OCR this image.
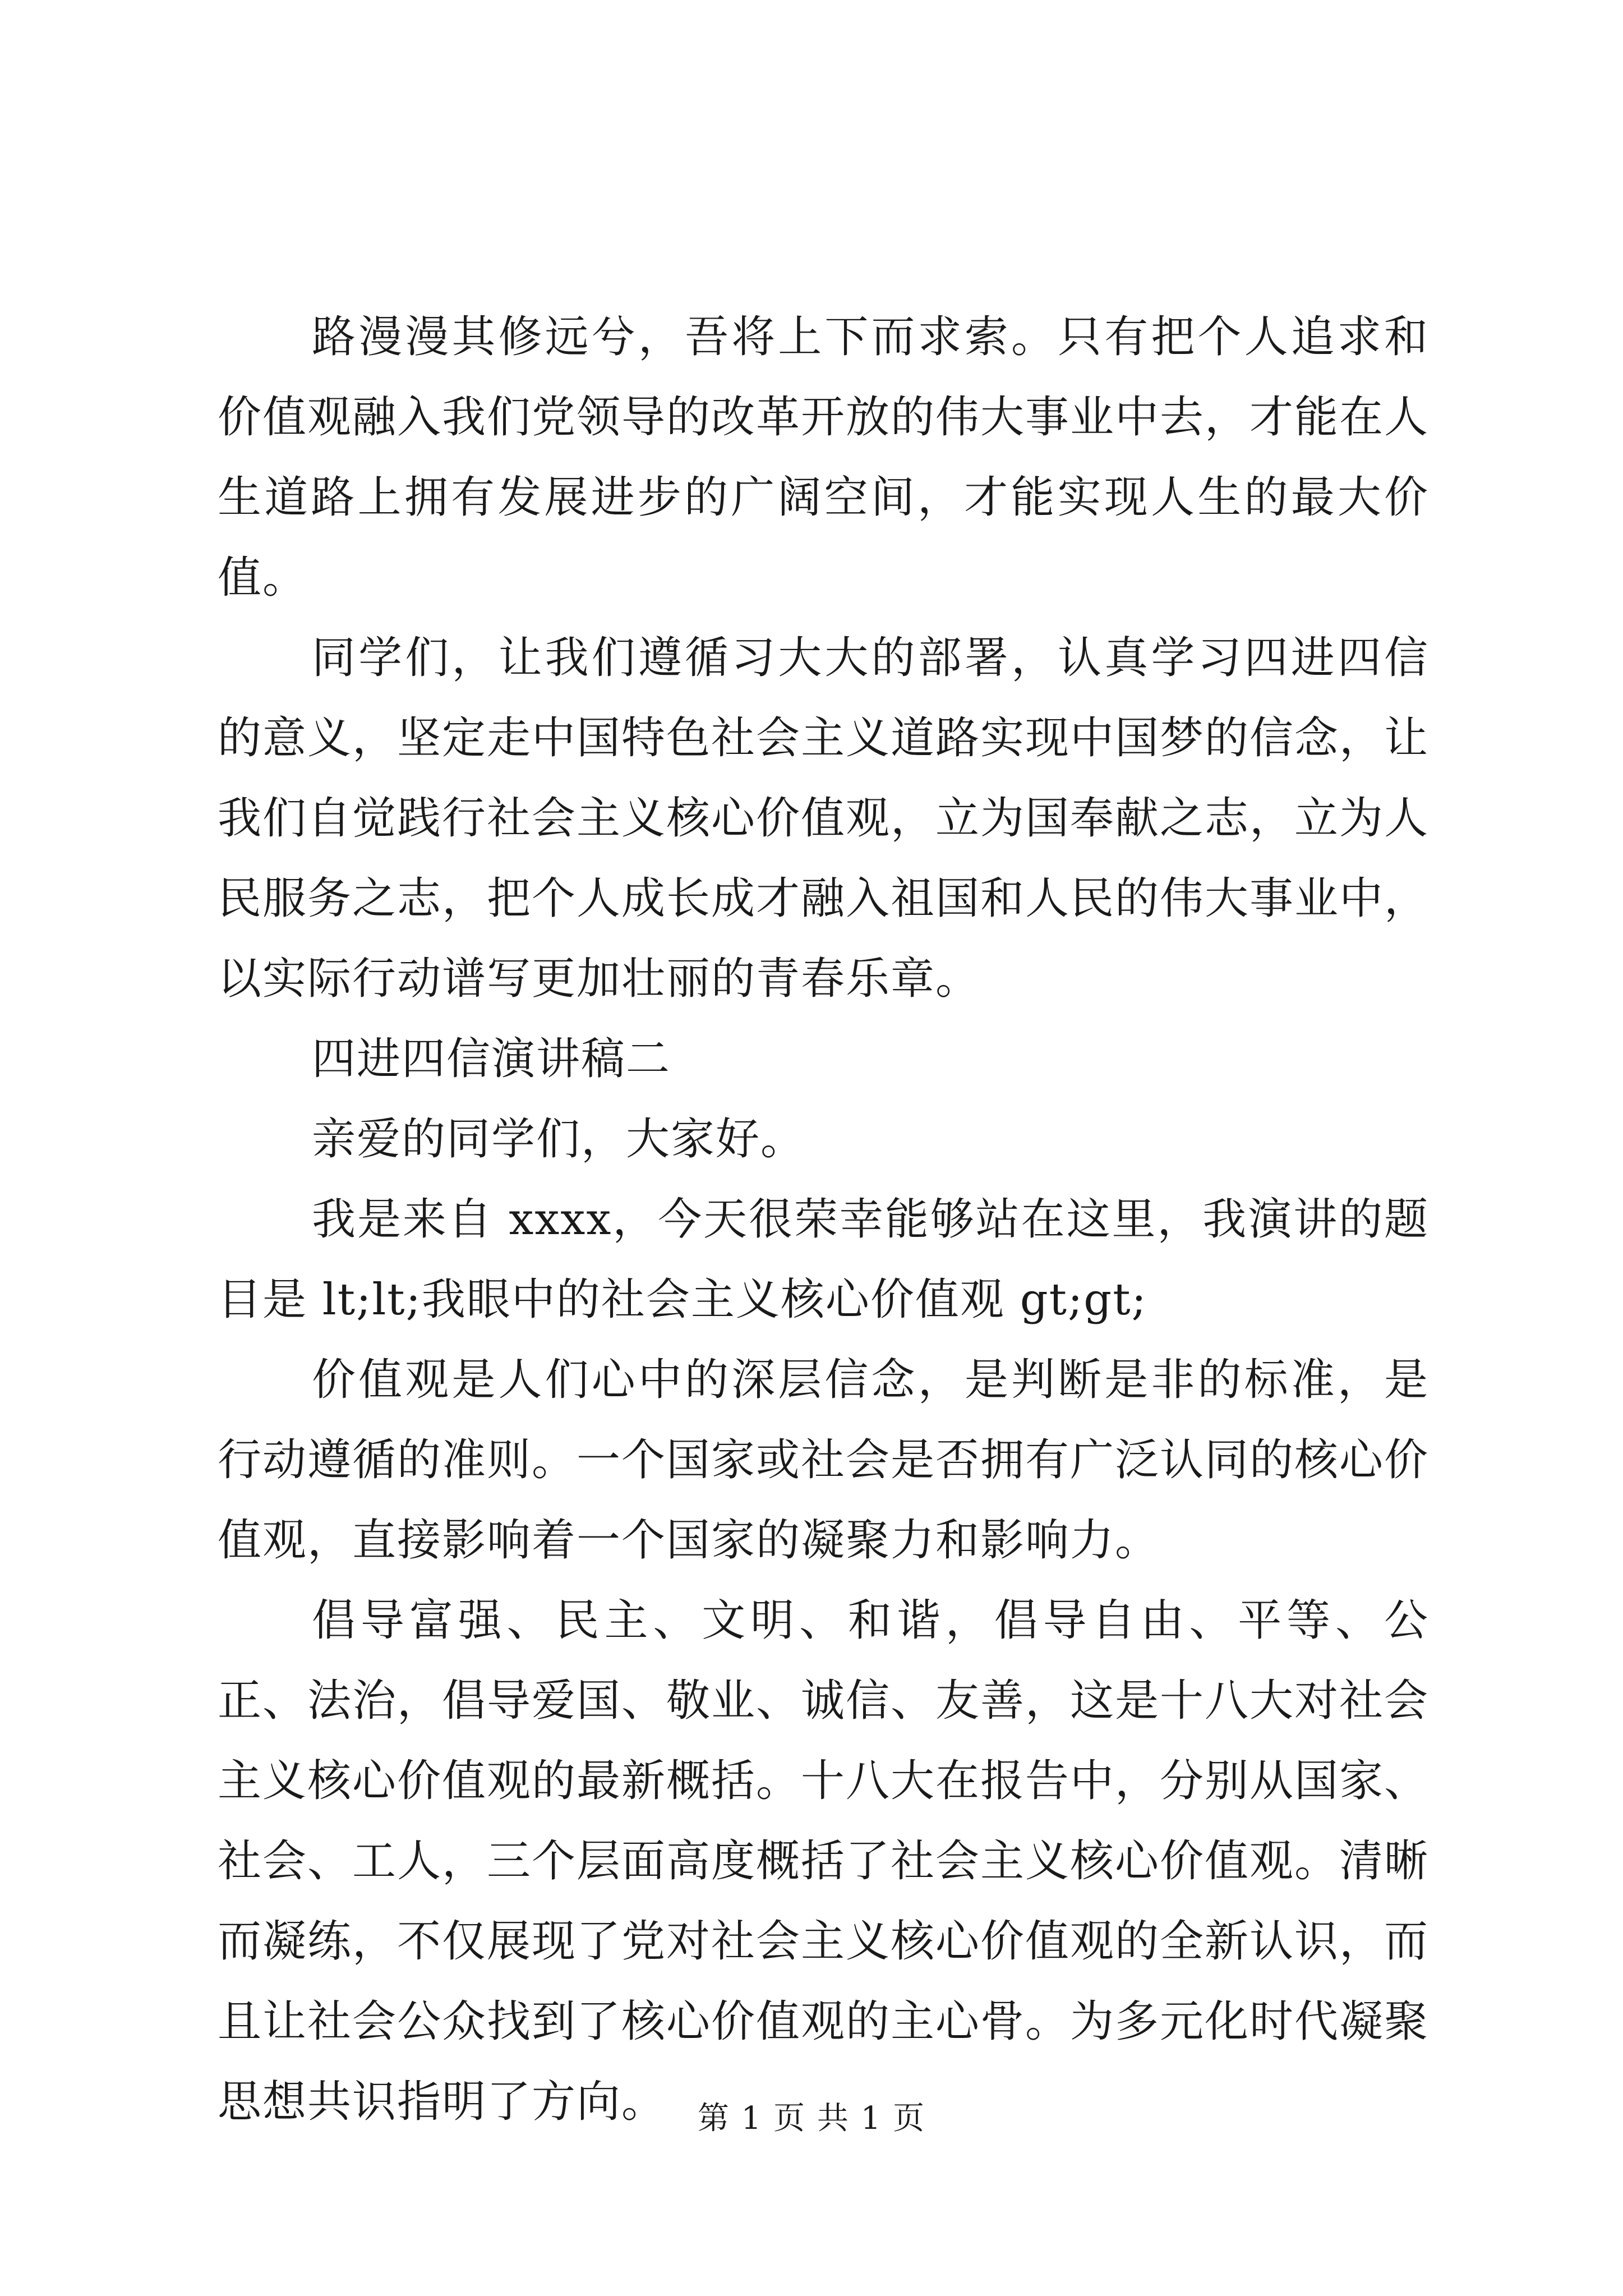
路漫漫其修远兮，吾将上下而求索。只有把个人追求和价值观融入我们党领导的改革开放的伟大事业中去，才能在人生道路上拥有发展进步的广阔空间，才能实现人生的最大价值。

同学们，让我们遵循习大大的部署，认真学习四进四信的意义，坚定走中国特色社会主义道路实现中国梦的信念，让我们自觉践行社会主义核心价值观，立为国奉献之志，立为人民服务之志，把个人成长成才融入祖国和人民的伟大事业中，以实际行动谱写更加壮丽的青春乐章。

四进四信演讲稿二

亲爱的同学们，大家好。

我是来自 xxxx，今天很荣幸能够站在这里，我演讲的题目是 lt;lt;我眼中的社会主义核心价值观 gt;gt;

价值观是人们心中的深层信念，是判断是非的标准，是行动遵循的准则。一个国家或社会是否拥有广泛认同的核心价值观，直接影响着一个国家的凝聚力和影响力。

倡导富强、民主、文明、和谐，倡导自由、平等、公正、法治，倡导爱国、敬业、诚信、友善，这是十八大对社会主义核心价值观的最新概括。十八大在报告中，分别从国家、社会、工人，三个层面高度概括了社会主义核心价值观。清晰而凝练，不仅展现了党对社会主义核心价值观的全新认识，而且让社会公众找到了核心价值观的主心骨。为多元化时代凝聚思想共识指明了方向。 第 1 页 共 1 页
